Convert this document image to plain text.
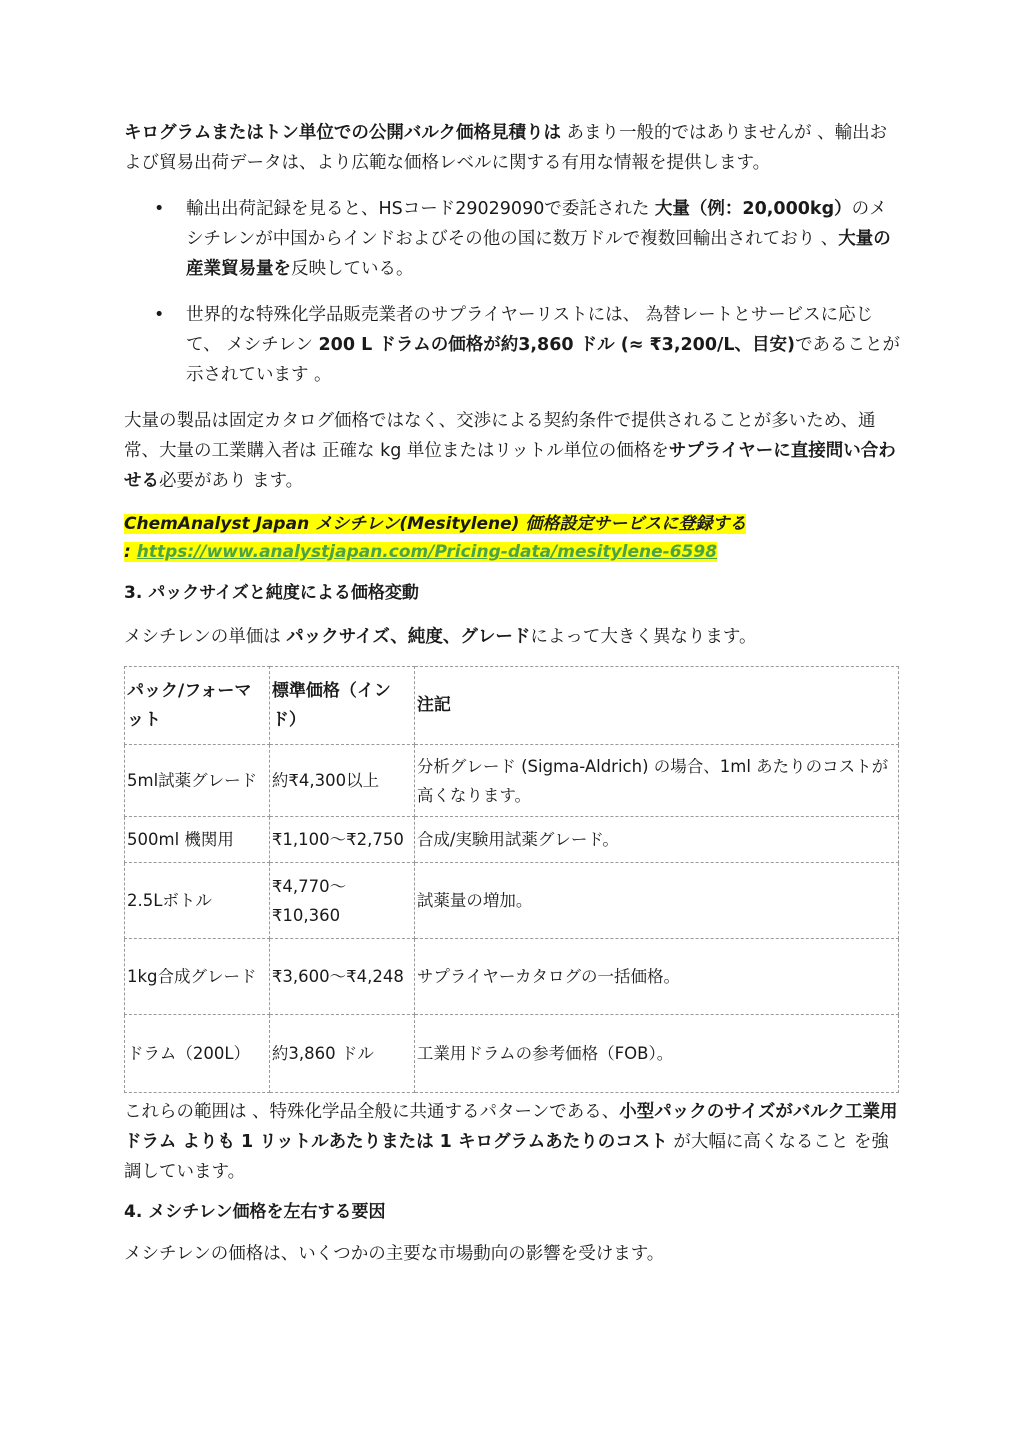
キログラムまたはトン単位での公開バルク価格見積りは あまり一般的ではありませんが 、輸出および貿易出荷データは、より広範な価格レベルに関する有用な情報を提供します。

• 輸出出荷記録を見ると、HSコード29029090で委託された 大量（例：20,000kg）のメシチレンが中国からインドおよびその他の国に数万ドルで複数回輸出されており 、大量の産業貿易量を反映している。
• 世界的な特殊化学品販売業者のサプライヤーリストには、 為替レートとサービスに応じて、 メシチレン 200 L ドラムの価格が約3,860 ドル (≈ ₹3,200/L、目安)であることが示されています 。

大量の製品は固定カタログ価格ではなく、交渉による契約条件で提供されることが多いため、通常、大量の工業購入者は 正確な kg 単位またはリットル単位の価格をサプライヤーに直接問い合わせる必要があり ます。

ChemAnalyst Japan メシチレン(Mesitylene) 価格設定サービスに登録する
: https://www.analystjapan.com/Pricing-data/mesitylene-6598
3. パックサイズと純度による価格変動

メシチレンの単価は パックサイズ、純度、グレードによって大きく異なります。

パック/フォーマット	標準価格（インド）	注記
5ml試薬グレード	約₹4,300以上	分析グレード (Sigma-Aldrich) の場合、1ml あたりのコストが高くなります。
500ml 機関用	₹1,100〜₹2,750	合成/実験用試薬グレード。
2.5Lボトル	₹4,770〜₹10,360	試薬量の増加。
1kg合成グレード	₹3,600〜₹4,248	サプライヤーカタログの一括価格。
ドラム（200L）	約3,860 ドル	工業用ドラムの参考価格（FOB）。

これらの範囲は 、特殊化学品全般に共通するパターンである、小型パックのサイズがバルク工業用ドラム よりも 1 リットルあたりまたは 1 キログラムあたりのコスト が大幅に高くなること を強調しています。

4. メシチレン価格を左右する要因

メシチレンの価格は、いくつかの主要な市場動向の影響を受けます。
